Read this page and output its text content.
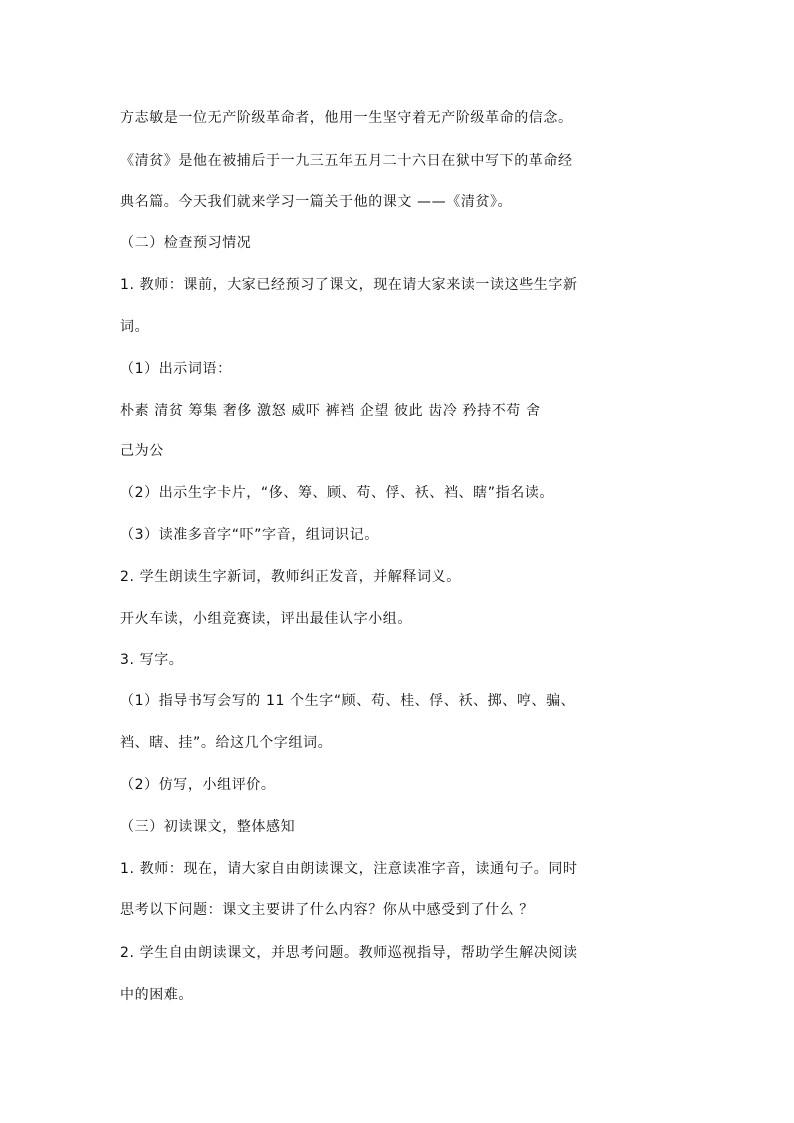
方志敏是一位无产阶级革命者，他用一生坚守着无产阶级革命的信念。
《清贫》是他在被捕后于一九三五年五月二十六日在狱中写下的革命经
典名篇。今天我们就来学习一篇关于他的课文 ——《清贫》。
（二）检查预习情况
1. 教师：课前，大家已经预习了课文，现在请大家来读一读这些生字新
词。
（1）出示词语：
朴素 清贫 筹集 奢侈 激怒 威吓 裤裆 企望 彼此 齿冷 矜持不苟 舍
己为公
（2）出示生字卡片，“侈、筹、顾、苟、俘、袄、裆、瞎”指名读。
（3）读准多音字“吓”字音，组词识记。
2. 学生朗读生字新词，教师纠正发音，并解释词义。
开火车读，小组竞赛读，评出最佳认字小组。
3. 写字。
（1）指导书写会写的 11 个生字“顾、苟、桂、俘、袄、掷、哼、骗、
裆、瞎、挂”。给这几个字组词。
（2）仿写，小组评价。
（三）初读课文，整体感知
1. 教师：现在，请大家自由朗读课文，注意读准字音，读通句子。同时
思考以下问题：课文主要讲了什么内容？你从中感受到了什么 ？
2. 学生自由朗读课文，并思考问题。教师巡视指导，帮助学生解决阅读
中的困难。
